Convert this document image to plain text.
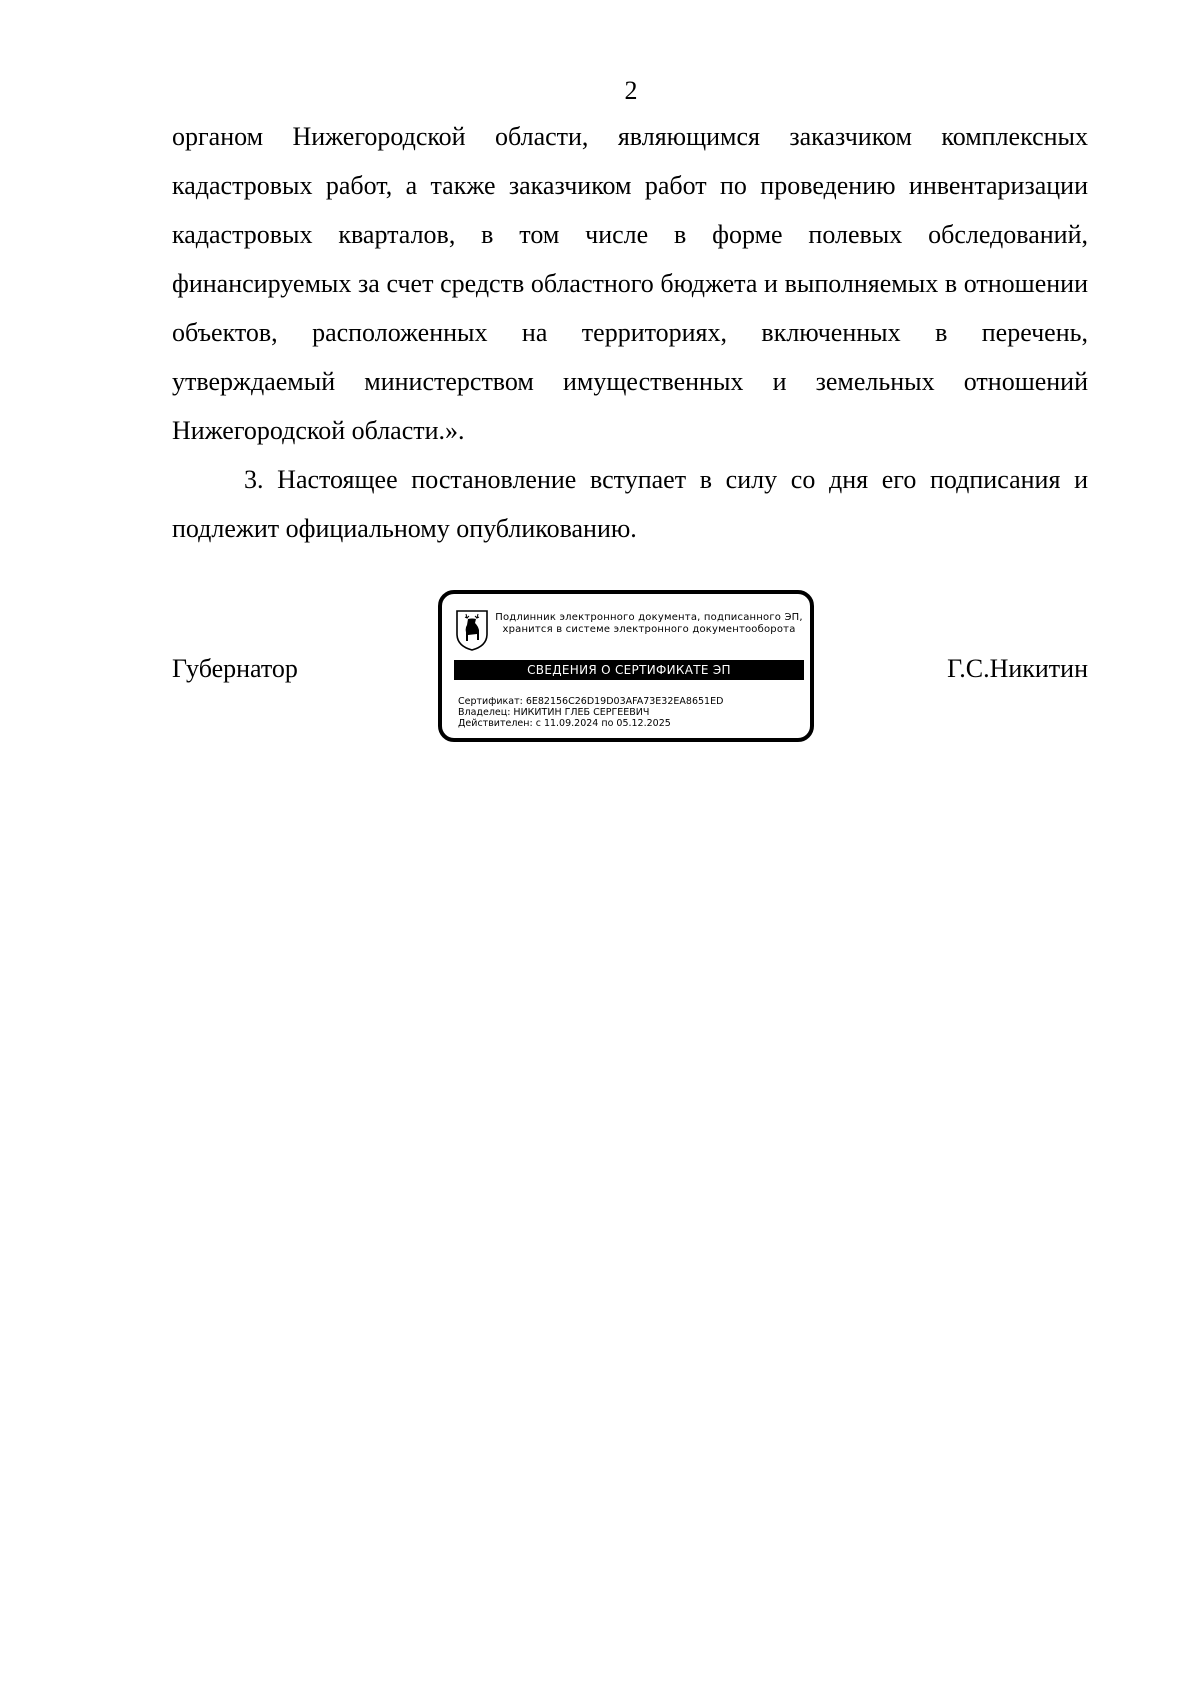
2

органом Нижегородской области, являющимся заказчиком комплексных кадастровых работ, а также заказчиком работ по проведению инвентаризации кадастровых кварталов, в том числе в форме полевых обследований, финансируемых за счет средств областного бюджета и выполняемых в отношении объектов, расположенных на территориях, включенных в перечень, утверждаемый министерством имущественных и земельных отношений Нижегородской области.».

3. Настоящее постановление вступает в силу со дня его подписания и подлежит официальному опубликованию.

Губернатор
Подлинник электронного документа, подписанного ЭП,
хранится в системе электронного документооборота
СВЕДЕНИЯ О СЕРТИФИКАТЕ ЭП
Сертификат: 6E82156C26D19D03AFA73E32EA8651ED
Владелец: НИКИТИН ГЛЕБ СЕРГЕЕВИЧ
Действителен: с 11.09.2024 по 05.12.2025
Г.С.Никитин
